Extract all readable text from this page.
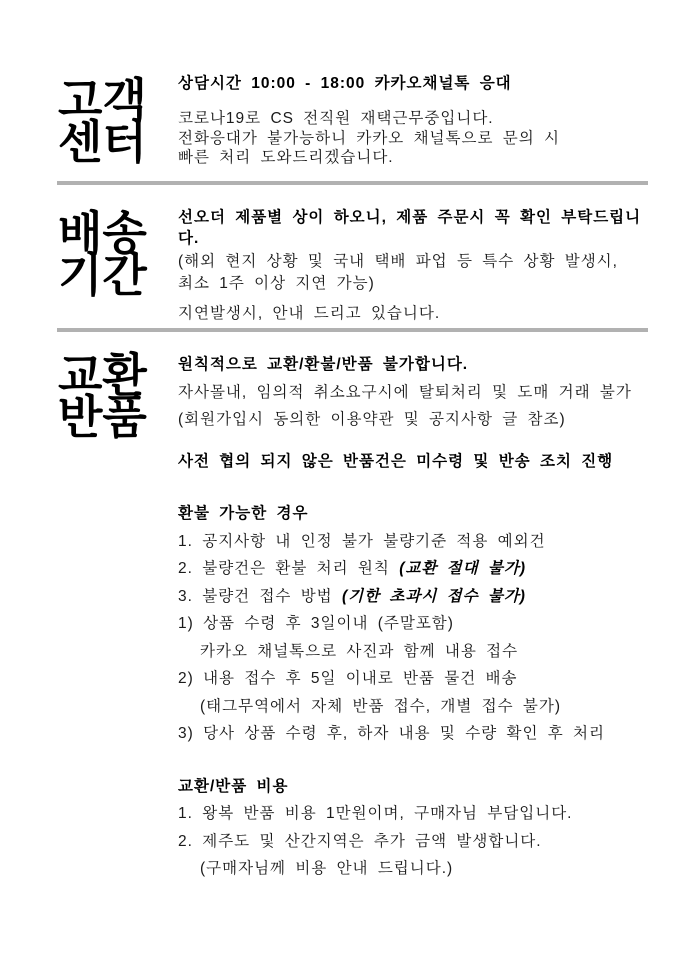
고객
센터
상담시간 10:00 - 18:00 카카오채널톡 응대
코로나19로 CS 전직원 재택근무중입니다.
전화응대가 불가능하니 카카오 채널톡으로 문의 시
빠른 처리 도와드리겠습니다.
배송
기간
선오더 제품별 상이 하오니, 제품 주문시 꼭 확인 부탁드립니다.
(해외 현지 상황 및 국내 택배 파업 등 특수 상황 발생시,
최소 1주 이상 지연 가능)
지연발생시, 안내 드리고 있습니다.
교환
반품
원칙적으로 교환/환불/반품 불가합니다.
자사몰내, 임의적 취소요구시에 탈퇴처리 및 도매 거래 불가
(회원가입시 동의한 이용약관 및 공지사항 글 참조)
사전 협의 되지 않은 반품건은 미수령 및 반송 조치 진행
환불 가능한 경우
1. 공지사항 내 인정 불가 불량기준 적용 예외건
2. 불량건은 환불 처리 원칙 (교환 절대 불가)
3. 불량건 접수 방법 (기한 초과시 접수 불가)
1) 상품 수령 후 3일이내 (주말포함)
카카오 채널톡으로 사진과 함께 내용 접수
2) 내용 접수 후 5일 이내로 반품 물건 배송
(태그무역에서 자체 반품 접수, 개별 접수 불가)
3) 당사 상품 수령 후, 하자 내용 및 수량 확인 후 처리
교환/반품 비용
1. 왕복 반품 비용 1만원이며, 구매자님 부담입니다.
2. 제주도 및 산간지역은 추가 금액 발생합니다.
(구매자님께 비용 안내 드립니다.)
